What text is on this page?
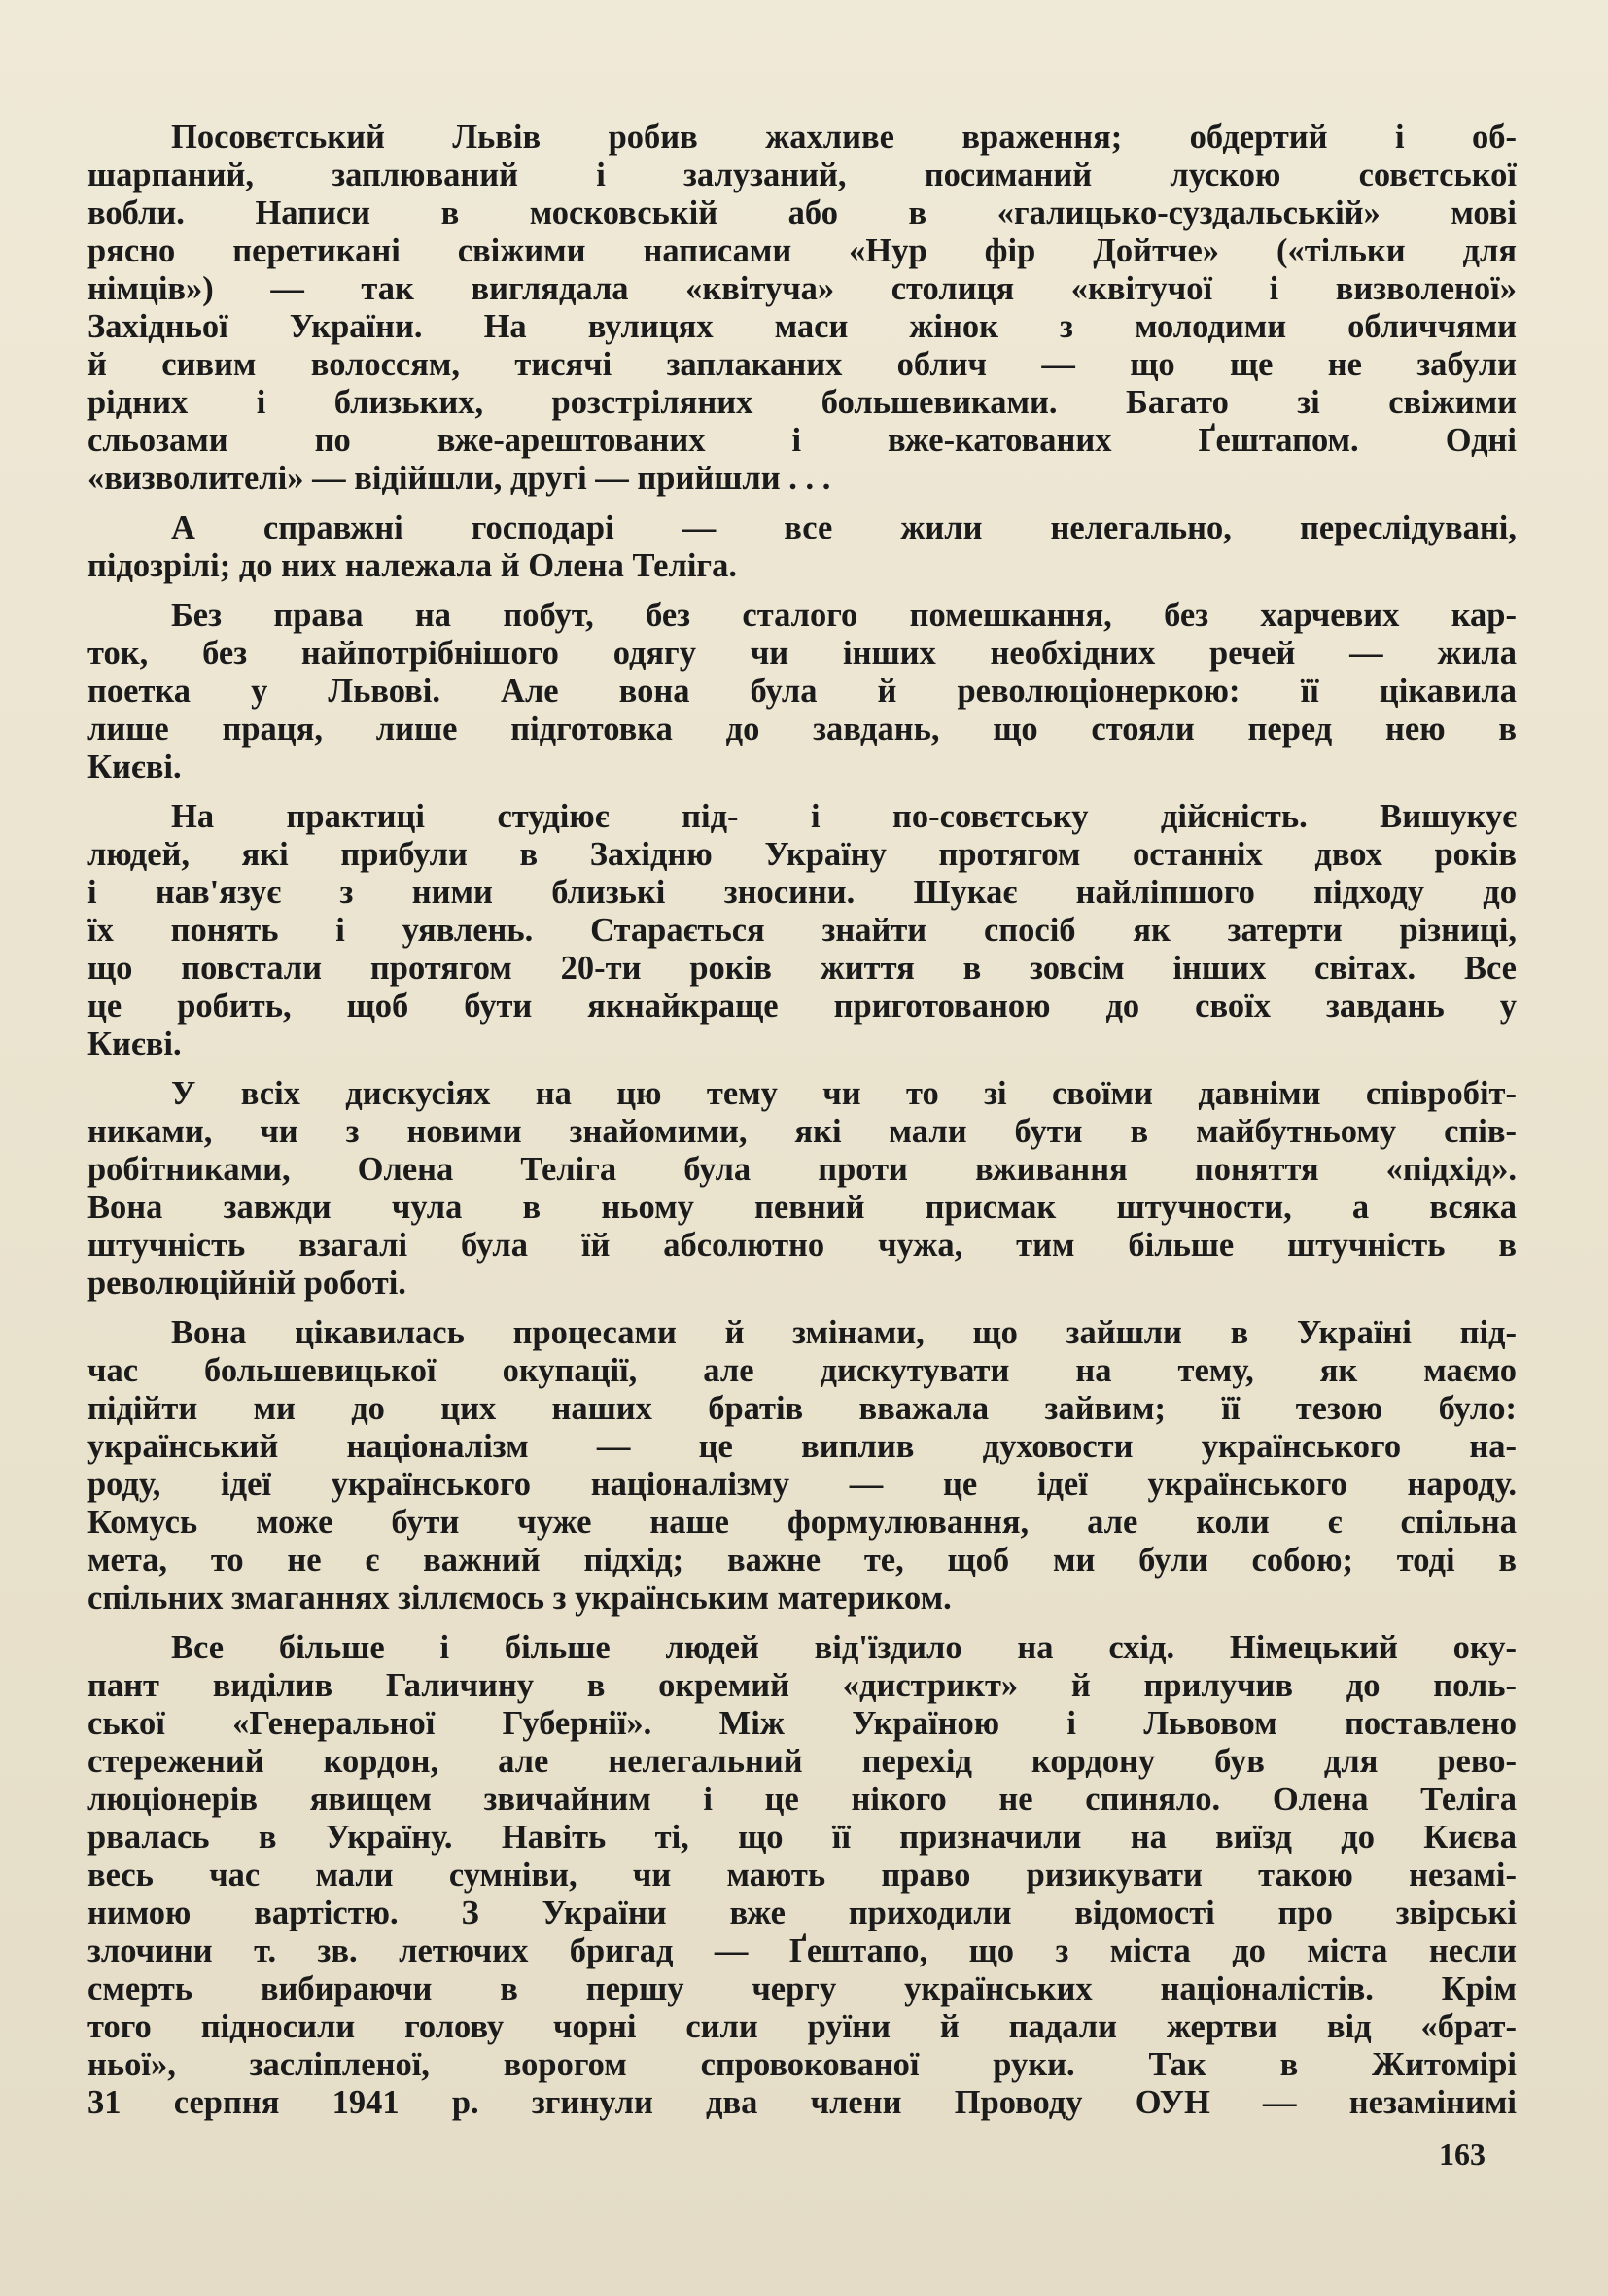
Посовєтський Львів робив жахливе враження; обдертий і об-
шарпаний, заплюваний і залузаний, посиманий лускою совєтської
вобли. Написи в московській або в «галицько-суздальській» мові
рясно перетикані свіжими написами «Нур фір Дойтче» («тільки для
німців») — так виглядала «квітуча» столиця «квітучої і визволеної»
Західньої України. На вулицях маси жінок з молодими обличчями
й сивим волоссям, тисячі заплаканих облич — що ще не забули
рідних і близьких, розстріляних большевиками. Багато зі свіжими
сльозами по вже-арештованих і вже-катованих Ґештапом. Одні
«визволителі» — відійшли, другі — прийшли . . .
А справжні господарі — все жили нелегально, переслідувані,
підозрілі; до них належала й Олена Теліга.
Без права на побут, без сталого помешкання, без харчевих кар-
ток, без найпотрібнішого одягу чи інших необхідних речей — жила
поетка у Львові. Але вона була й революціонеркою: її цікавила
лише праця, лише підготовка до завдань, що стояли перед нею в
Києві.
На практиці студіює під- і по-совєтську дійсність. Вишукує
людей, які прибули в Західню Україну протягом останніх двох років
і нав'язує з ними близькі зносини. Шукає найліпшого підходу до
їх понять і уявлень. Старається знайти спосіб як затерти різниці,
що повстали протягом 20-ти років життя в зовсім інших світах. Все
це робить, щоб бути якнайкраще приготованою до своїх завдань у
Києві.
У всіх дискусіях на цю тему чи то зі своїми давніми співробіт-
никами, чи з новими знайомими, які мали бути в майбутньому спів-
робітниками, Олена Теліга була проти вживання поняття «підхід».
Вона завжди чула в ньому певний присмак штучности, а всяка
штучність взагалі була їй абсолютно чужа, тим більше штучність в
революційній роботі.
Вона цікавилась процесами й змінами, що зайшли в Україні під-
час большевицької окупації, але дискутувати на тему, як маємо
підійти ми до цих наших братів вважала зайвим; її тезою було:
український націоналізм — це виплив духовости українського на-
роду, ідеї українського націоналізму — це ідеї українського народу.
Комусь може бути чуже наше формулювання, але коли є спільна
мета, то не є важний підхід; важне те, щоб ми були собою; тоді в
спільних змаганнях зіллємось з українським материком.
Все більше і більше людей від'їздило на схід. Німецький оку-
пант виділив Галичину в окремий «дистрикт» й прилучив до поль-
ської «Генеральної Губернії». Між Україною і Львовом поставлено
стережений кордон, але нелегальний перехід кордону був для рево-
люціонерів явищем звичайним і це нікого не спиняло. Олена Теліга
рвалась в Україну. Навіть ті, що її призначили на виїзд до Києва
весь час мали сумніви, чи мають право ризикувати такою незамі-
нимою вартістю. З України вже приходили відомості про звірські
злочини т. зв. летючих бригад — Ґештапо, що з міста до міста несли
смерть вибираючи в першу чергу українських націоналістів. Крім
того підносили голову чорні сили руїни й падали жертви від «брат-
ньої», засліпленої, ворогом спровокованої руки. Так в Житомірі
31 серпня 1941 р. згинули два члени Проводу ОУН — незамінимі
163
